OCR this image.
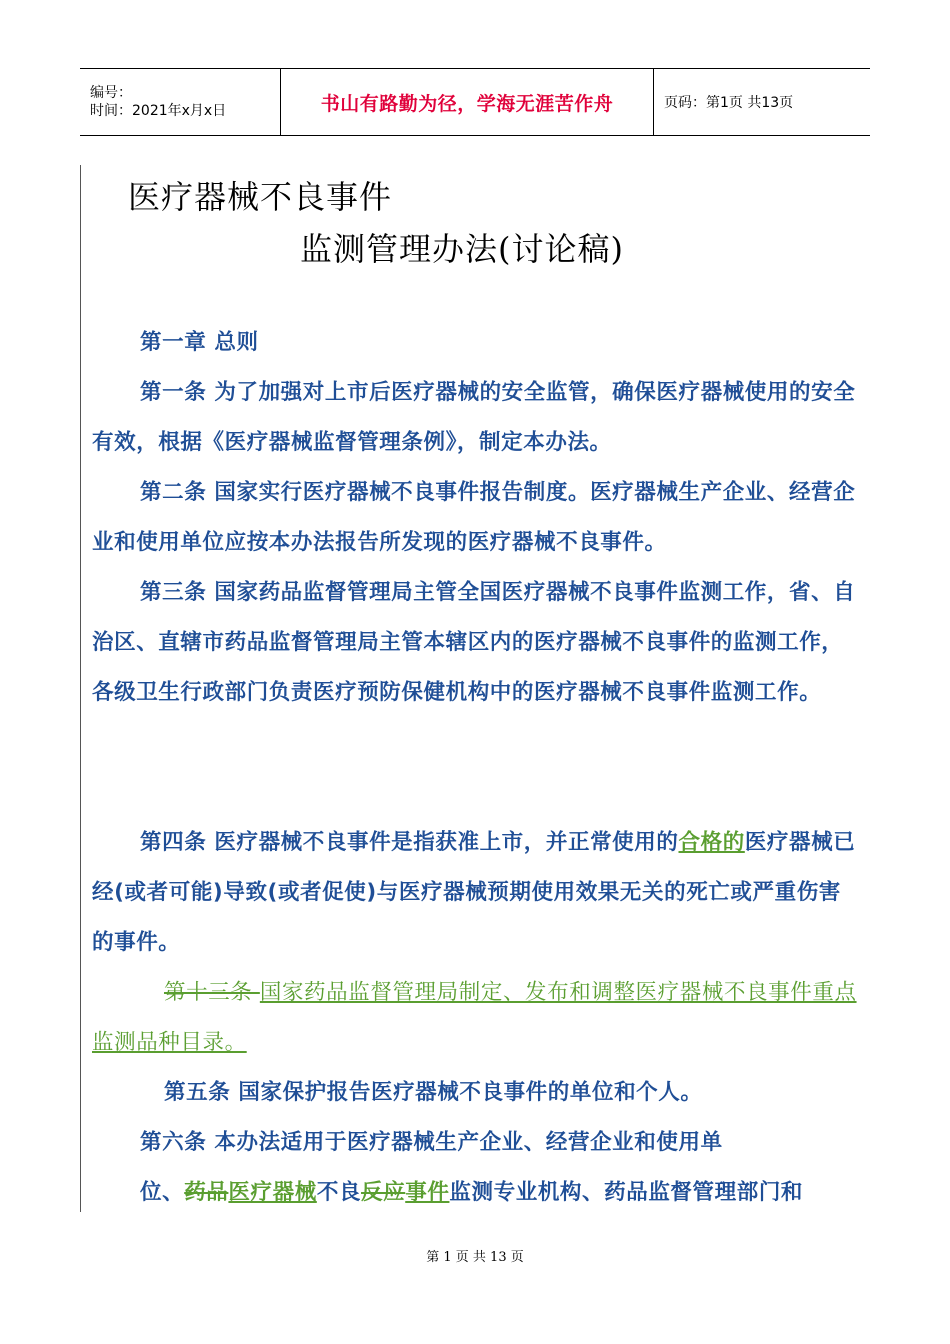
编号：
时间：2021年x月x日	书山有路勤为径，学海无涯苦作舟	页码：第1页 共13页
医疗器械不良事件
监测管理办法(讨论稿)

第一章 总则

第一条 为了加强对上市后医疗器械的安全监管，确保医疗器械使用的安全有效，根据《医疗器械监督管理条例》，制定本办法。

第二条 国家实行医疗器械不良事件报告制度。医疗器械生产企业、经营企业和使用单位应按本办法报告所发现的医疗器械不良事件。

第三条 国家药品监督管理局主管全国医疗器械不良事件监测工作，省、自治区、直辖市药品监督管理局主管本辖区内的医疗器械不良事件的监测工作，各级卫生行政部门负责医疗预防保健机构中的医疗器械不良事件监测工作。

第四条 医疗器械不良事件是指获准上市，并正常使用的合格的医疗器械已经(或者可能)导致(或者促使)与医疗器械预期使用效果无关的死亡或严重伤害的事件。

第十三条 国家药品监督管理局制定、发布和调整医疗器械不良事件重点监测品种目录。

第五条 国家保护报告医疗器械不良事件的单位和个人。

第六条 本办法适用于医疗器械生产企业、经营企业和使用单

位、药品医疗器械不良反应事件监测专业机构、药品监督管理部门和

第 1 页 共 13 页
